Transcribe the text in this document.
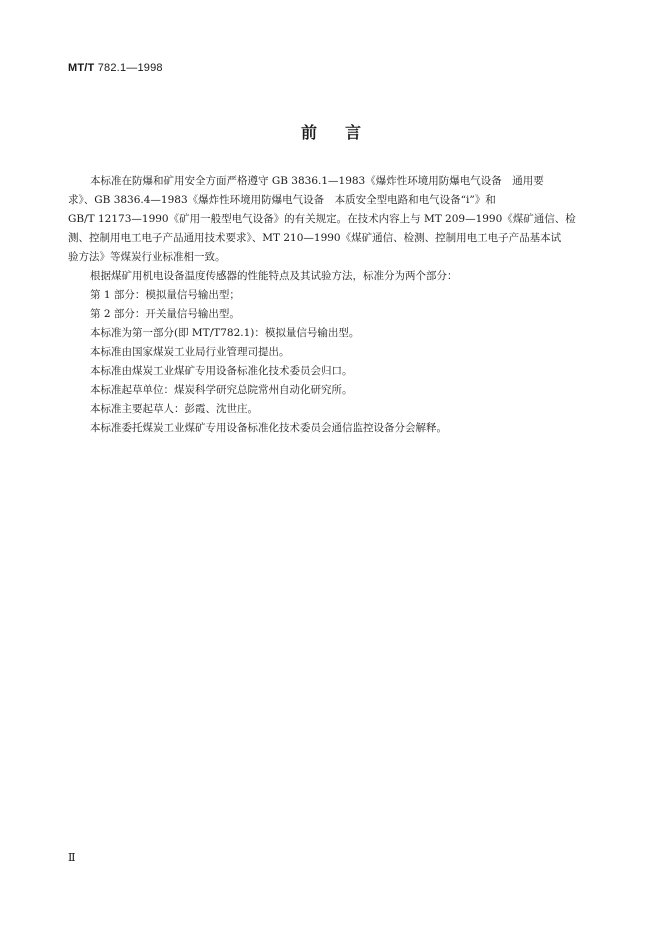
MT/T 782.1—1998
前言
本标准在防爆和矿用安全方面严格遵守 GB 3836.1—1983《爆炸性环境用防爆电气设备　通用要
求》、GB 3836.4—1983《爆炸性环境用防爆电气设备　本质安全型电路和电气设备“i”》和
GB/T 12173—1990《矿用一般型电气设备》的有关规定。在技术内容上与 MT 209—1990《煤矿通信、检
测、控制用电工电子产品通用技术要求》、MT 210—1990《煤矿通信、检测、控制用电工电子产品基本试
验方法》等煤炭行业标准相一致。

根据煤矿用机电设备温度传感器的性能特点及其试验方法，标准分为两个部分：

第 1 部分：模拟量信号输出型；

第 2 部分：开关量信号输出型。

本标准为第一部分(即 MT/T782.1)：模拟量信号输出型。

本标准由国家煤炭工业局行业管理司提出。

本标准由煤炭工业煤矿专用设备标准化技术委员会归口。

本标准起草单位：煤炭科学研究总院常州自动化研究所。

本标准主要起草人：彭霞、沈世庄。

本标准委托煤炭工业煤矿专用设备标准化技术委员会通信监控设备分会解释。

Ⅱ
